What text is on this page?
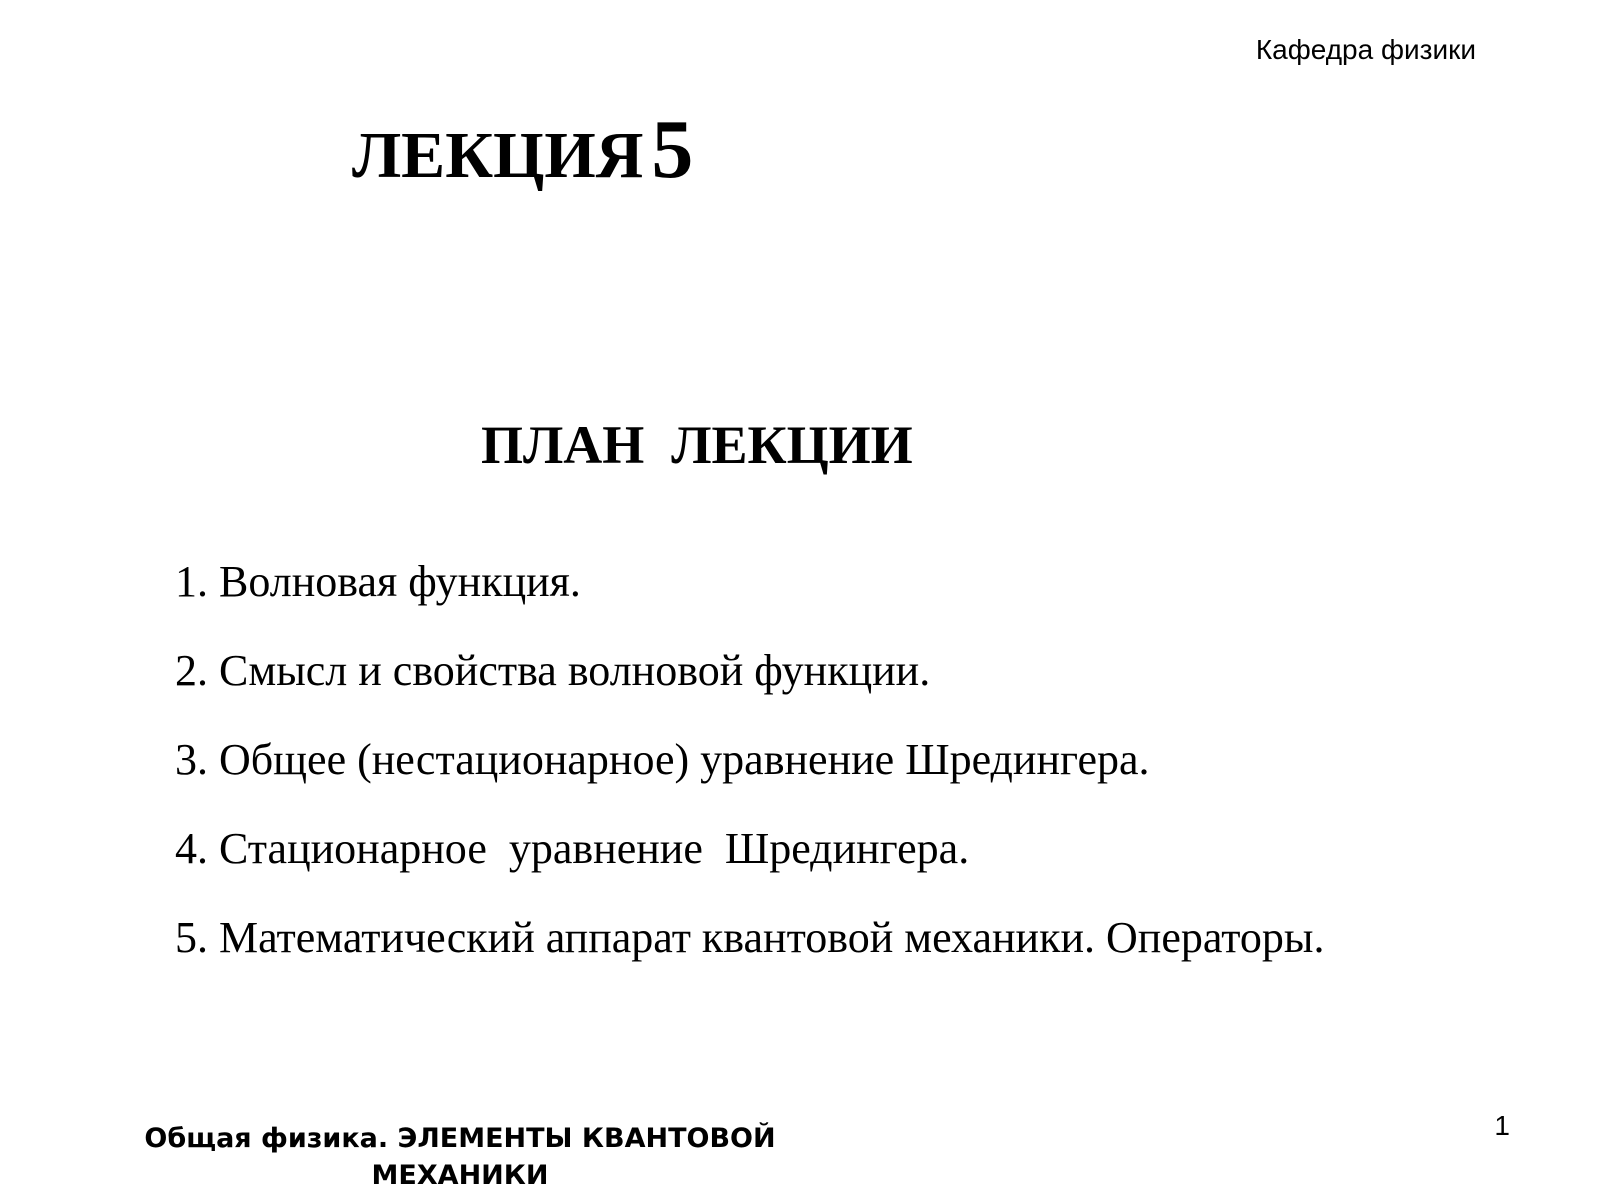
Кафедра физики
ЛЕКЦИЯ5
ПЛАН  ЛЕКЦИИ
1. Волновая функция.
2. Смысл и свойства волновой функции.
3. Общее (нестационарное) уравнение Шредингера.
4. Стационарное  уравнение  Шредингера.
5. Математический аппарат квантовой механики. Операторы.
Общая физика. ЭЛЕМЕНТЫ КВАНТОВОЙ
МЕХАНИКИ
1
